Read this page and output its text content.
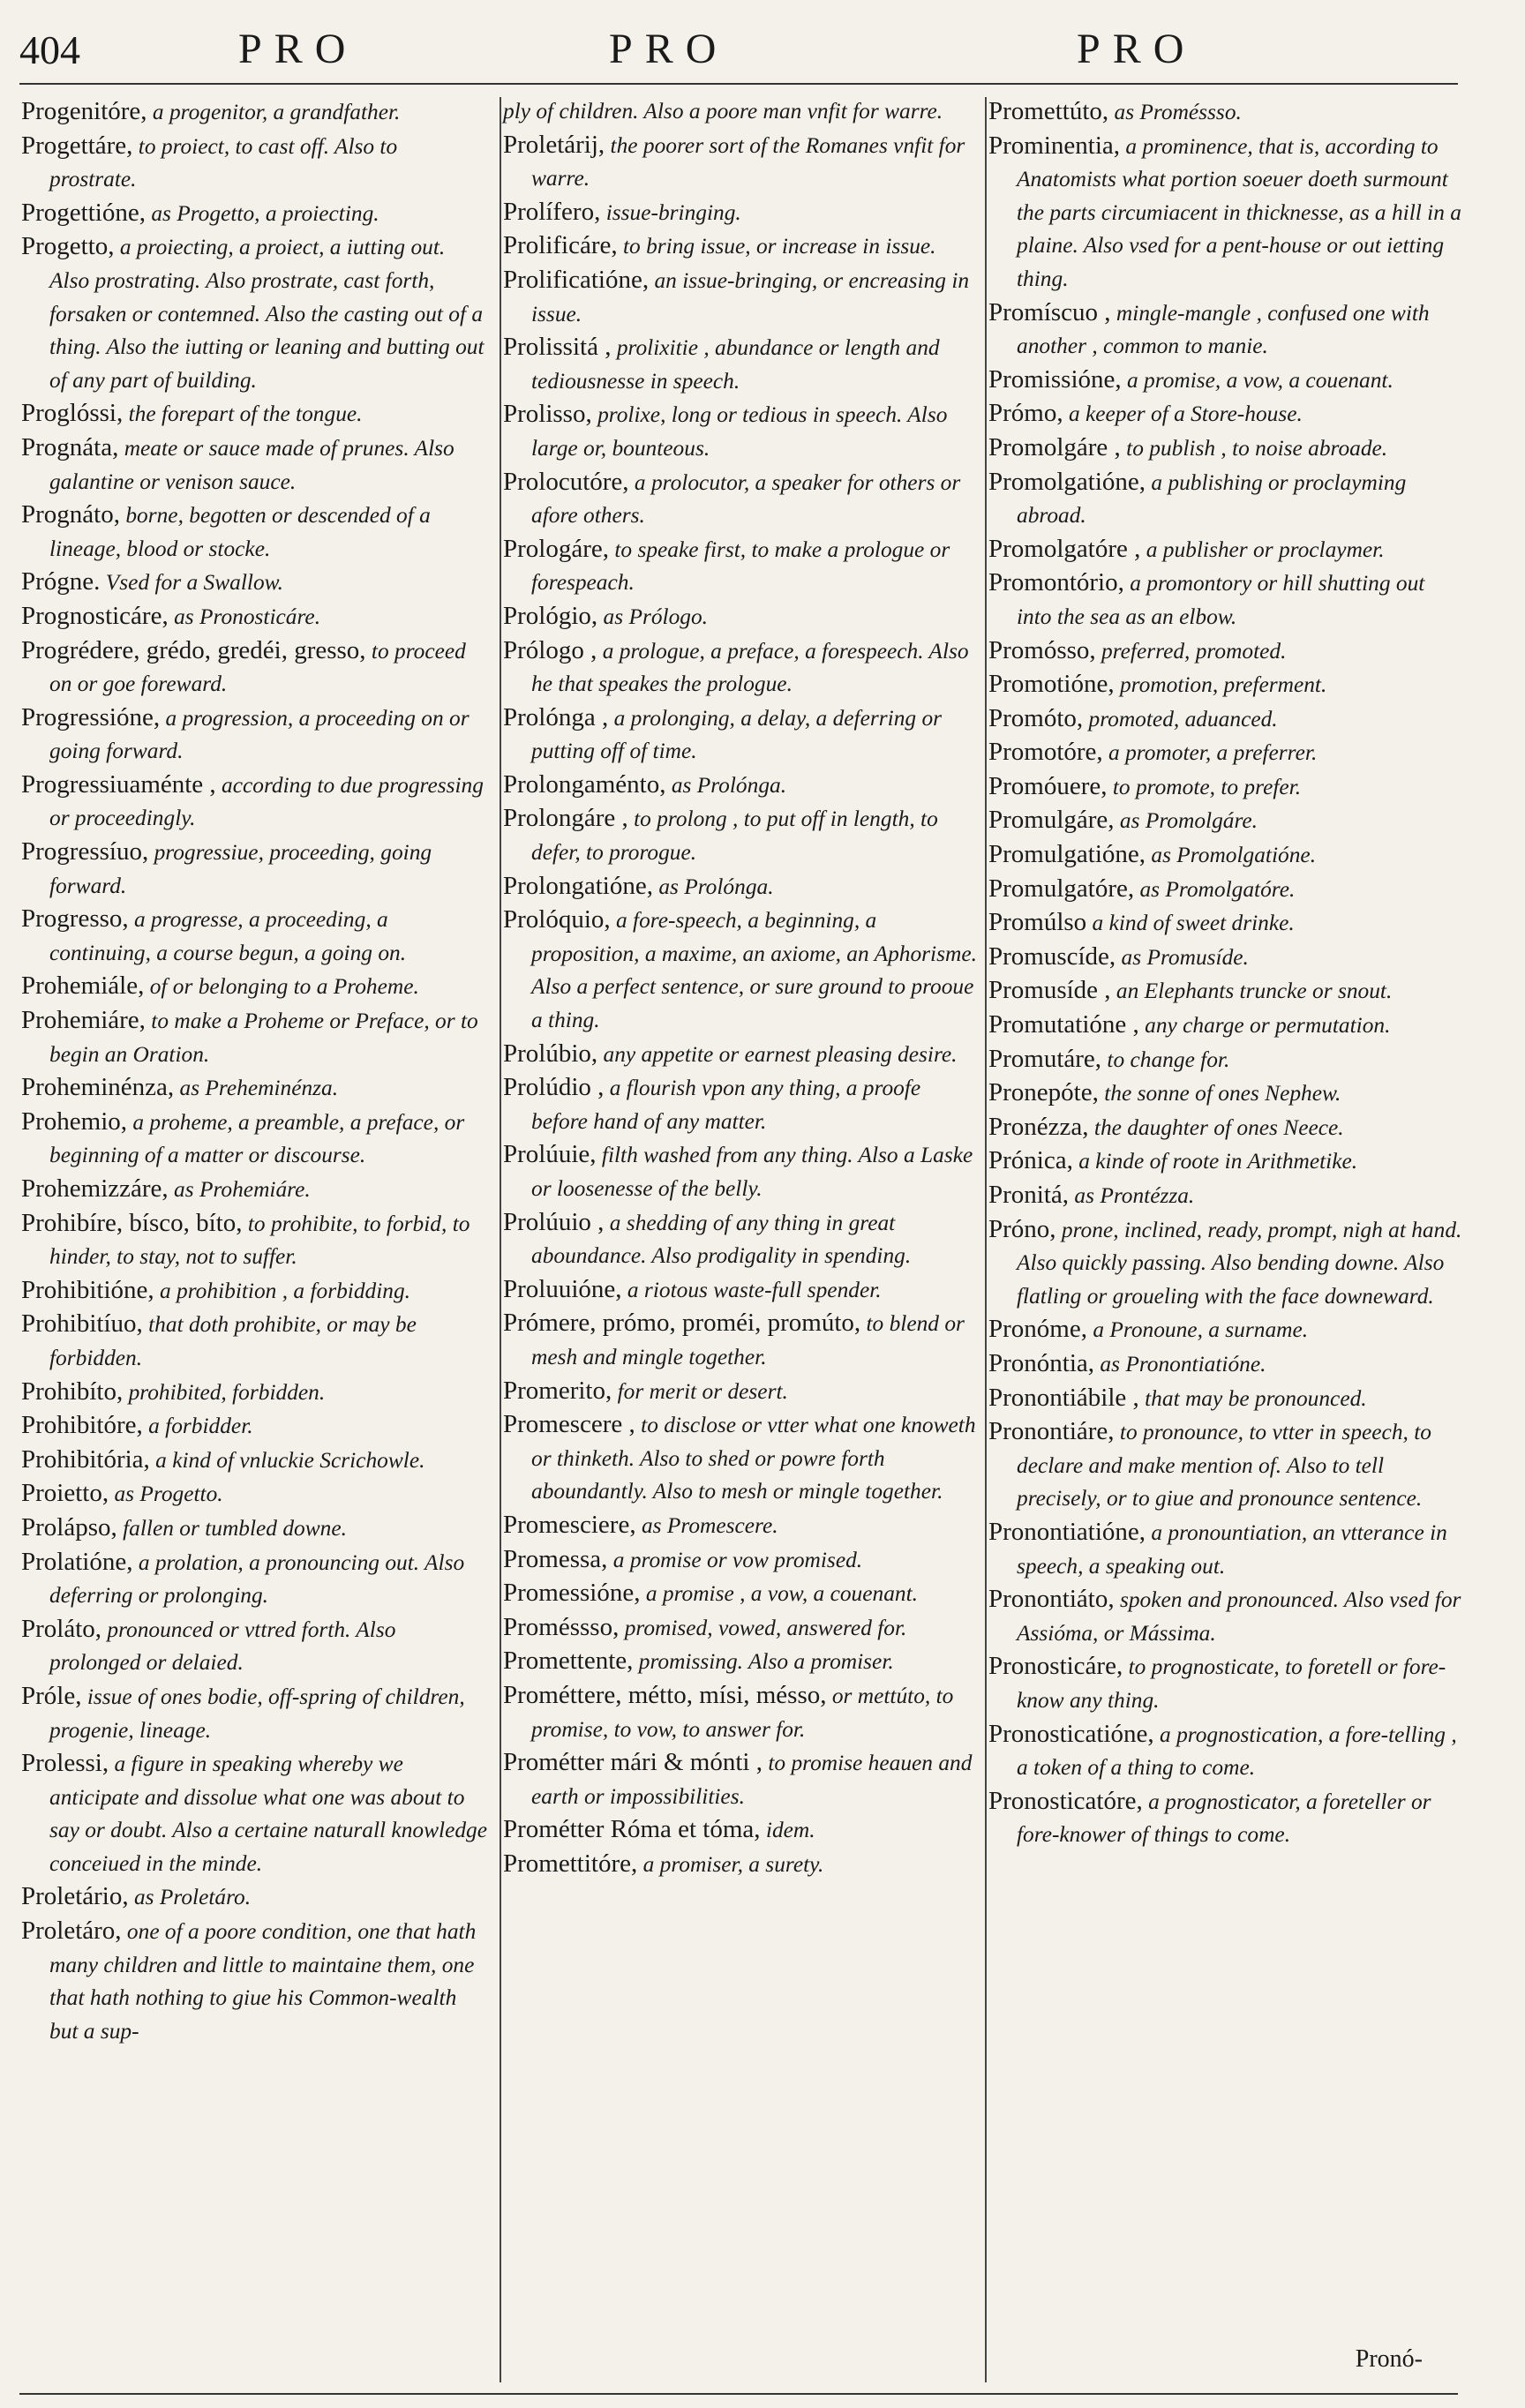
404	PRO	PRO	PRO
Progenitóre, a progenitor, a grandfather.
Progettáre, to proiect, to cast off. Also to prostrate.
Progettióne, as Progetto, a proiecting.
Progetto, a proiecting, a proiect, a iutting out. Also prostrating. Also prostrate, cast forth, forsaken or contemned. Also the casting out of a thing. Also the iutting or leaning and butting out of any part of building.
Proglóssi, the forepart of the tongue.
Prognáta, meate or sauce made of prunes. Also galantine or venison sauce.
Prognáto, borne, begotten or descended of a lineage, blood or stocke.
Prógne. Vsed for a Swallow.
Prognosticáre, as Pronosticáre.
Progrédere, grédo, gredéi, gresso, to proceed on or goe foreward.
Progressióne, a progression, a proceeding on or going forward.
Progressiuaménte , according to due progressing or proceedingly.
Progressíuo, progressiue, proceeding, going forward.
Progresso, a progresse, a proceeding, a continuing, a course begun, a going on.
Prohemiále, of or belonging to a Proheme.
Prohemiáre, to make a Proheme or Preface, or to begin an Oration.
Proheminénza, as Preheminénza.
Prohemio, a proheme, a preamble, a preface, or beginning of a matter or discourse.
Prohemizzáre, as Prohemiáre.
Prohibíre, bísco, bíto, to prohibite, to forbid, to hinder, to stay, not to suffer.
Prohibitióne, a prohibition , a forbidding.
Prohibitíuo, that doth prohibite, or may be forbidden.
Prohibíto, prohibited, forbidden.
Prohibitóre, a forbidder.
Prohibitória, a kind of vnluckie Scrichowle.
Proietto, as Progetto.
Prolápso, fallen or tumbled downe.
Prolatióne, a prolation, a pronouncing out. Also deferring or prolonging.
Proláto, pronounced or vttred forth. Also prolonged or delaied.
Próle, issue of ones bodie, off-spring of children, progenie, lineage.
Prolessi, a figure in speaking whereby we anticipate and dissolue what one was about to say or doubt. Also a certaine naturall knowledge conceiued in the minde.
Proletário, as Proletáro.
Proletáro, one of a poore condition, one that hath many children and little to maintaine them, one that hath nothing to giue his Common-wealth but a sup-
ply of children. Also a poore man vnfit for warre.
Proletárij, the poorer sort of the Romanes vnfit for warre.
Prolífero, issue-bringing.
Prolificáre, to bring issue, or increase in issue.
Prolificatióne, an issue-bringing, or encreasing in issue.
Prolissitá , prolixitie , abundance or length and tediousnesse in speech.
Prolisso, prolixe, long or tedious in speech. Also large or, bounteous.
Prolocutóre, a prolocutor, a speaker for others or afore others.
Prologáre, to speake first, to make a prologue or forespeach.
Prológio, as Prólogo.
Prólogo , a prologue, a preface, a forespeech. Also he that speakes the prologue.
Prolónga , a prolonging, a delay, a deferring or putting off of time.
Prolongaménto, as Prolónga.
Prolongáre , to prolong , to put off in length, to defer, to prorogue.
Prolongatióne, as Prolónga.
Prolóquio, a fore-speech, a beginning, a proposition, a maxime, an axiome, an Aphorisme. Also a perfect sentence, or sure ground to prooue a thing.
Prolúbio, any appetite or earnest pleasing desire.
Prolúdio , a flourish vpon any thing, a proofe before hand of any matter.
Prolúuie, filth washed from any thing. Also a Laske or loosenesse of the belly.
Prolúuio , a shedding of any thing in great aboundance. Also prodigality in spending.
Proluuióne, a riotous waste-full spender.
Prómere, prómo, proméi, promúto, to blend or mesh and mingle together.
Promerito, for merit or desert.
Promescere , to disclose or vtter what one knoweth or thinketh. Also to shed or powre forth aboundantly. Also to mesh or mingle together.
Promesciere, as Promescere.
Promessa, a promise or vow promised.
Promessióne, a promise , a vow, a couenant.
Proméssso, promised, vowed, answered for.
Promettente, promissing. Also a promiser.
Prométtere, métto, mísi, mésso, or mettúto, to promise, to vow, to answer for.
Prométter mári & mónti , to promise heauen and earth or impossibilities.
Prométter Róma et tóma, idem.
Promettitóre, a promiser, a surety.
Promettúto, as Proméssso.
Prominentia, a prominence, that is, according to Anatomists what portion soeuer doeth surmount the parts circumiacent in thicknesse, as a hill in a plaine. Also vsed for a pent-house or out ietting thing.
Promíscuo , mingle-mangle , confused one with another , common to manie.
Promissióne, a promise, a vow, a couenant.
Prómo, a keeper of a Store-house.
Promolgáre , to publish , to noise abroade.
Promolgatióne, a publishing or proclayming abroad.
Promolgatóre , a publisher or proclaymer.
Promontório, a promontory or hill shutting out into the sea as an elbow.
Promósso, preferred, promoted.
Promotióne, promotion, preferment.
Promóto, promoted, aduanced.
Promotóre, a promoter, a preferrer.
Promóuere, to promote, to prefer.
Promulgáre, as Promolgáre.
Promulgatióne, as Promolgatióne.
Promulgatóre, as Promolgatóre.
Promúlso a kind of sweet drinke.
Promuscíde, as Promusíde.
Promusíde , an Elephants truncke or snout.
Promutatióne , any charge or permutation.
Promutáre, to change for.
Pronepóte, the sonne of ones Nephew.
Pronézza, the daughter of ones Neece.
Prónica, a kinde of roote in Arithmetike.
Pronitá, as Prontézza.
Próno, prone, inclined, ready, prompt, nigh at hand. Also quickly passing. Also bending downe. Also flatling or groueling with the face downeward.
Pronóme, a Pronoune, a surname.
Pronóntia, as Pronontiatióne.
Pronontiábile , that may be pronounced.
Pronontiáre, to pronounce, to vtter in speech, to declare and make mention of. Also to tell precisely, or to giue and pronounce sentence.
Pronontiatióne, a pronountiation, an vtterance in speech, a speaking out.
Pronontiáto, spoken and pronounced. Also vsed for Assióma, or Mássima.
Pronosticáre, to prognosticate, to foretell or fore-know any thing.
Pronosticatióne, a prognostication, a fore-telling , a token of a thing to come.
Pronosticatóre, a prognosticator, a foreteller or fore-knower of things to come.
Pronó-
